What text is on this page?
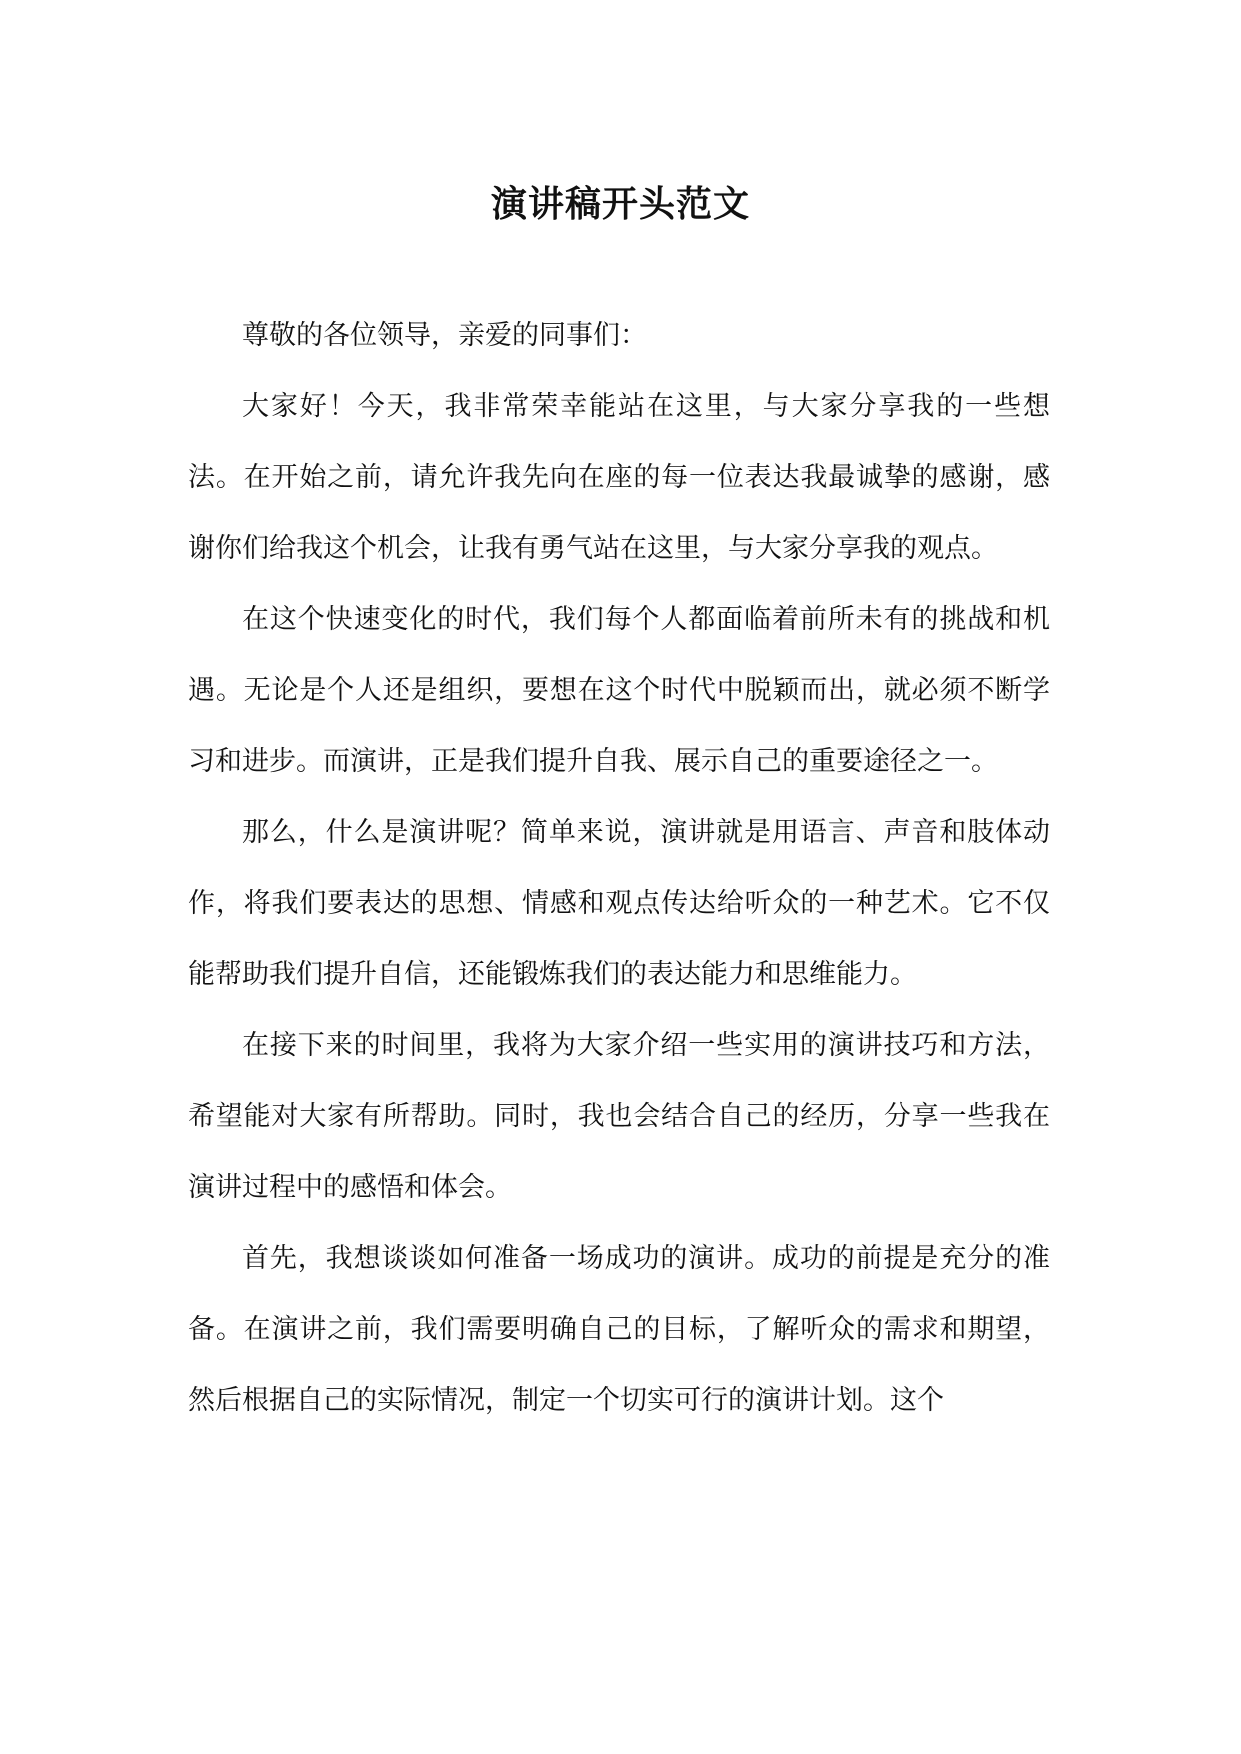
演讲稿开头范文

尊敬的各位领导，亲爱的同事们：

大家好！今天，我非常荣幸能站在这里，与大家分享我的一些想法。在开始之前，请允许我先向在座的每一位表达我最诚挚的感谢，感谢你们给我这个机会，让我有勇气站在这里，与大家分享我的观点。

在这个快速变化的时代，我们每个人都面临着前所未有的挑战和机遇。无论是个人还是组织，要想在这个时代中脱颖而出，就必须不断学习和进步。而演讲，正是我们提升自我、展示自己的重要途径之一。

那么，什么是演讲呢？简单来说，演讲就是用语言、声音和肢体动作，将我们要表达的思想、情感和观点传达给听众的一种艺术。它不仅能帮助我们提升自信，还能锻炼我们的表达能力和思维能力。

在接下来的时间里，我将为大家介绍一些实用的演讲技巧和方法，希望能对大家有所帮助。同时，我也会结合自己的经历，分享一些我在演讲过程中的感悟和体会。

首先，我想谈谈如何准备一场成功的演讲。成功的前提是充分的准备。在演讲之前，我们需要明确自己的目标，了解听众的需求和期望，然后根据自己的实际情况，制定一个切实可行的演讲计划。这个
